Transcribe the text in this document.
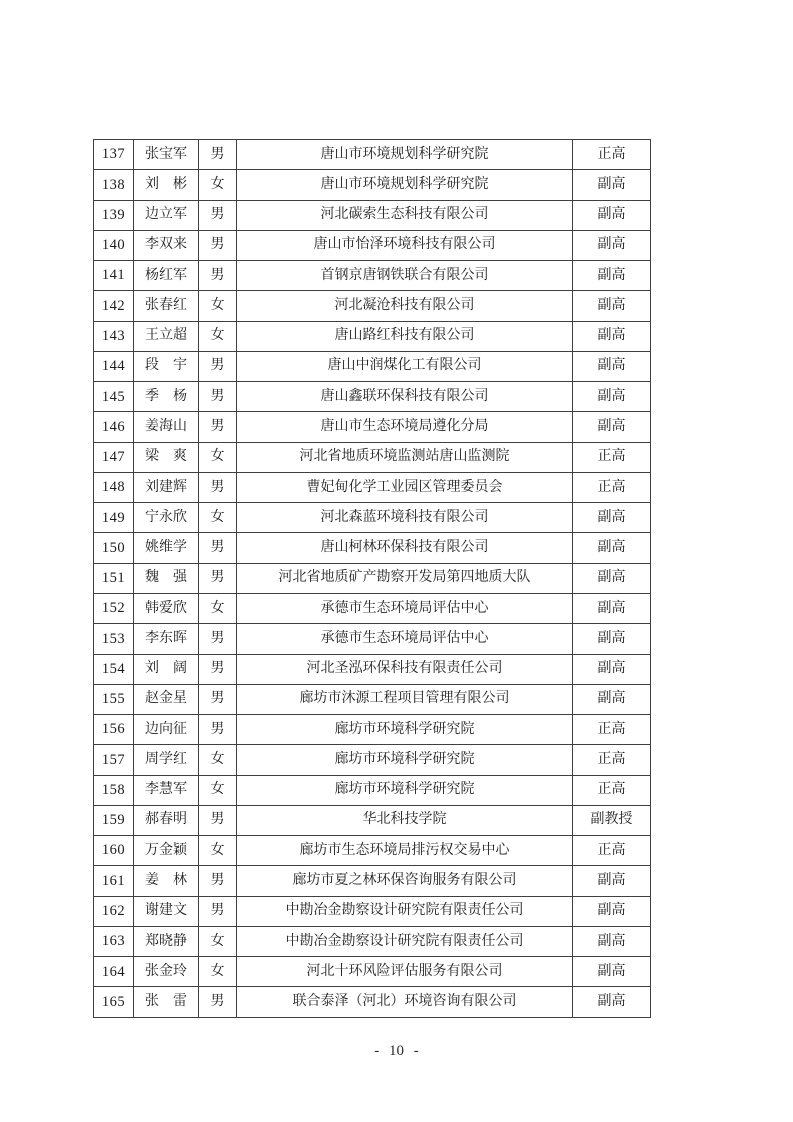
137	张宝军	男	唐山市环境规划科学研究院	正高
138	刘　彬	女	唐山市环境规划科学研究院	副高
139	边立军	男	河北碳索生态科技有限公司	副高
140	李双来	男	唐山市怡泽环境科技有限公司	副高
141	杨红军	男	首钢京唐钢铁联合有限公司	副高
142	张春红	女	河北凝沧科技有限公司	副高
143	王立超	女	唐山路红科技有限公司	副高
144	段　宇	男	唐山中润煤化工有限公司	副高
145	季　杨	男	唐山鑫联环保科技有限公司	副高
146	姜海山	男	唐山市生态环境局遵化分局	副高
147	梁　爽	女	河北省地质环境监测站唐山监测院	正高
148	刘建辉	男	曹妃甸化学工业园区管理委员会	正高
149	宁永欣	女	河北森蓝环境科技有限公司	副高
150	姚维学	男	唐山柯林环保科技有限公司	副高
151	魏　强	男	河北省地质矿产勘察开发局第四地质大队	副高
152	韩爱欣	女	承德市生态环境局评估中心	副高
153	李东晖	男	承德市生态环境局评估中心	副高
154	刘　阔	男	河北圣泓环保科技有限责任公司	副高
155	赵金星	男	廊坊市沐源工程项目管理有限公司	副高
156	边向征	男	廊坊市环境科学研究院	正高
157	周学红	女	廊坊市环境科学研究院	正高
158	李慧军	女	廊坊市环境科学研究院	正高
159	郝春明	男	华北科技学院	副教授
160	万金颖	女	廊坊市生态环境局排污权交易中心	正高
161	姜　林	男	廊坊市夏之林环保咨询服务有限公司	副高
162	谢建文	男	中勘冶金勘察设计研究院有限责任公司	副高
163	郑晓静	女	中勘冶金勘察设计研究院有限责任公司	副高
164	张金玲	女	河北十环风险评估服务有限公司	副高
165	张　雷	男	联合泰泽（河北）环境咨询有限公司	副高
- 10 -
